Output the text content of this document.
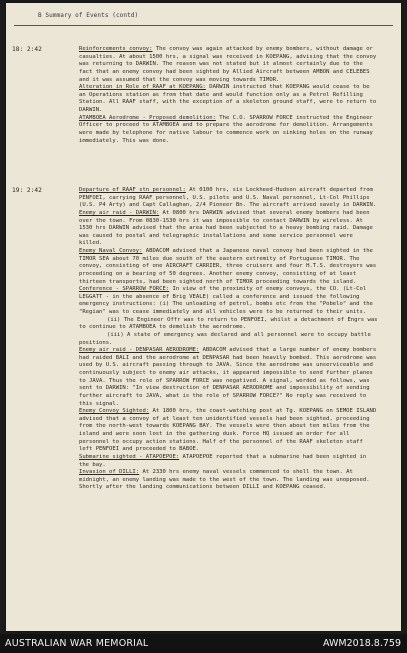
B Summary of Events (contd)
18: 2:42	Reinforcements convoy: The convoy was again attacked by enemy bombers, without damage or casualties. At about 1500 hrs, a signal was received in KOEPANG, advising that the convoy was returning to DARWIN. The reason was not stated but it almost certainly due to the fact that an enemy convoy had been sighted by Allied Aircraft between AMBON and CELEBES and it was assumed that the convoy was moving towards TIMOR.

Alteration in Role of RAAF at KOEPANG: DARWIN instructed that KOEPANG would cease to be an Operations station as from that date and would function only as a Petrol Refilling Station. All RAAF staff, with the exception of a skeleton ground staff, were to return to DARWIN.

ATAMBOEA Aerodrome - Proposed demolition: The C.O. SPARROW FORCE instructed the Engineer Officer to proceed to ATAMBOEA and to prepare the aerodrome for demolition. Arrangements were made by telephone for native labour to commence work on sinking holes on the runway immediately. This was done.

19: 2:42	Departure of RAAF stn personnel: At 0100 hrs, six Lockheed-Hudson aircraft departed from PENFOEI, carrying RAAF personnel, U.S. pilots and U.S. Naval personnel, Lt-Col Phillips (U.S. P4 Arty) and Capt Callaghan, 2/4 Pioneer Bn. The aircraft arrived savely in DARWIN.

Enemy air raid - DARWIN: At 0800 hrs DARWIN advised that several enemy bombers had been over the town. From 0830-1530 hrs it was impossible to contact DARWIN by wireless. At 1530 hrs DARWIN advised that the area had been subjected to a heavy bombing raid. Damage was caused to postal and telegraphic installations and some service personnel were killed.

Enemy Naval Convoy: ABDACOM advised that a Japanese naval convoy had been sighted in the TIMOR SEA about 70 miles due south of the eastern extremity of Portuguese TIMOR. The convoy, consisting of one AIRCRAFT CARRIER, three cruisers and four H.T.S. destroyers was proceeding on a bearing of 50 degrees. Another enemy convoy, consisting of at least thirteen transports, had been sighted north of TIMOR proceeding towards the island.

Conference - SPARROW FORCE: In view of the proximity of enemy convoys, the CO. (Lt-Col LEGGATT - in the absence of Brig VEALE) called a conference and issued the following emergency instructions: (i) The unloading of petrol, bombs etc from the "Pobelo" and the "Regian" was to cease immediately and all vehicles were to be returned to their units.

(ii) The Engineer Offr was to return to PENFOEI, whilst a detachment of Engrs was to continue to ATAMBOEA to demolish the aerodrome.

(iii) A state of emergency was declared and all personnel were to occupy battle positions.

Enemy air raid - DENPASAR AERODROME: ABDACOM advised that a large number of enemy bombers had raided BALI and the aerodrome at DENPASAR had been heavily bombed. This aerodrome was used by U.S. aircraft passing through to JAVA. Since the aerodrome was unserviceable and continuously subject to enemy air attacks, it appeared impossible to send further planes to JAVA. Thus the role of SPARROW FORCE was negatived. A signal, worded as follows, was sent to DARWIN: "In view destruction of DENPASAR AERODROME and impossibility of sending further aircraft to JAVA, what is the role of SPARROW FORCE?" No reply was received to this signal.

Enemy Convoy Sighted: At 1800 hrs, the coast-watching post at Tg. KOEPANG on SEMOE ISLAND advised that a convoy of at least ten unidentified vessels had been sighted, proceeding from the north-west towards KOEPANG BAY. The vessels were then about ten miles from the island and were soon lost in the gathering dusk. Force HQ issued an order for all personnel to occupy action stations. Half of the personnel of the RAAF skeleton staff left PENFOEI and proceeded to BABOE.

Submarine sighted - ATAPOEPOE: ATAPOEPOE reported that a submarine had been sighted in the bay.

Invasion of DILLI: At 2330 hrs enemy naval vessels commenced to shell the town. At midnight, an enemy landing was made to the west of the town. The landing was unopposed. Shortly after the landing communications between DILLI and KOEPANG ceased.

AUSTRALIAN WAR MEMORIAL	AWM2018.8.759
